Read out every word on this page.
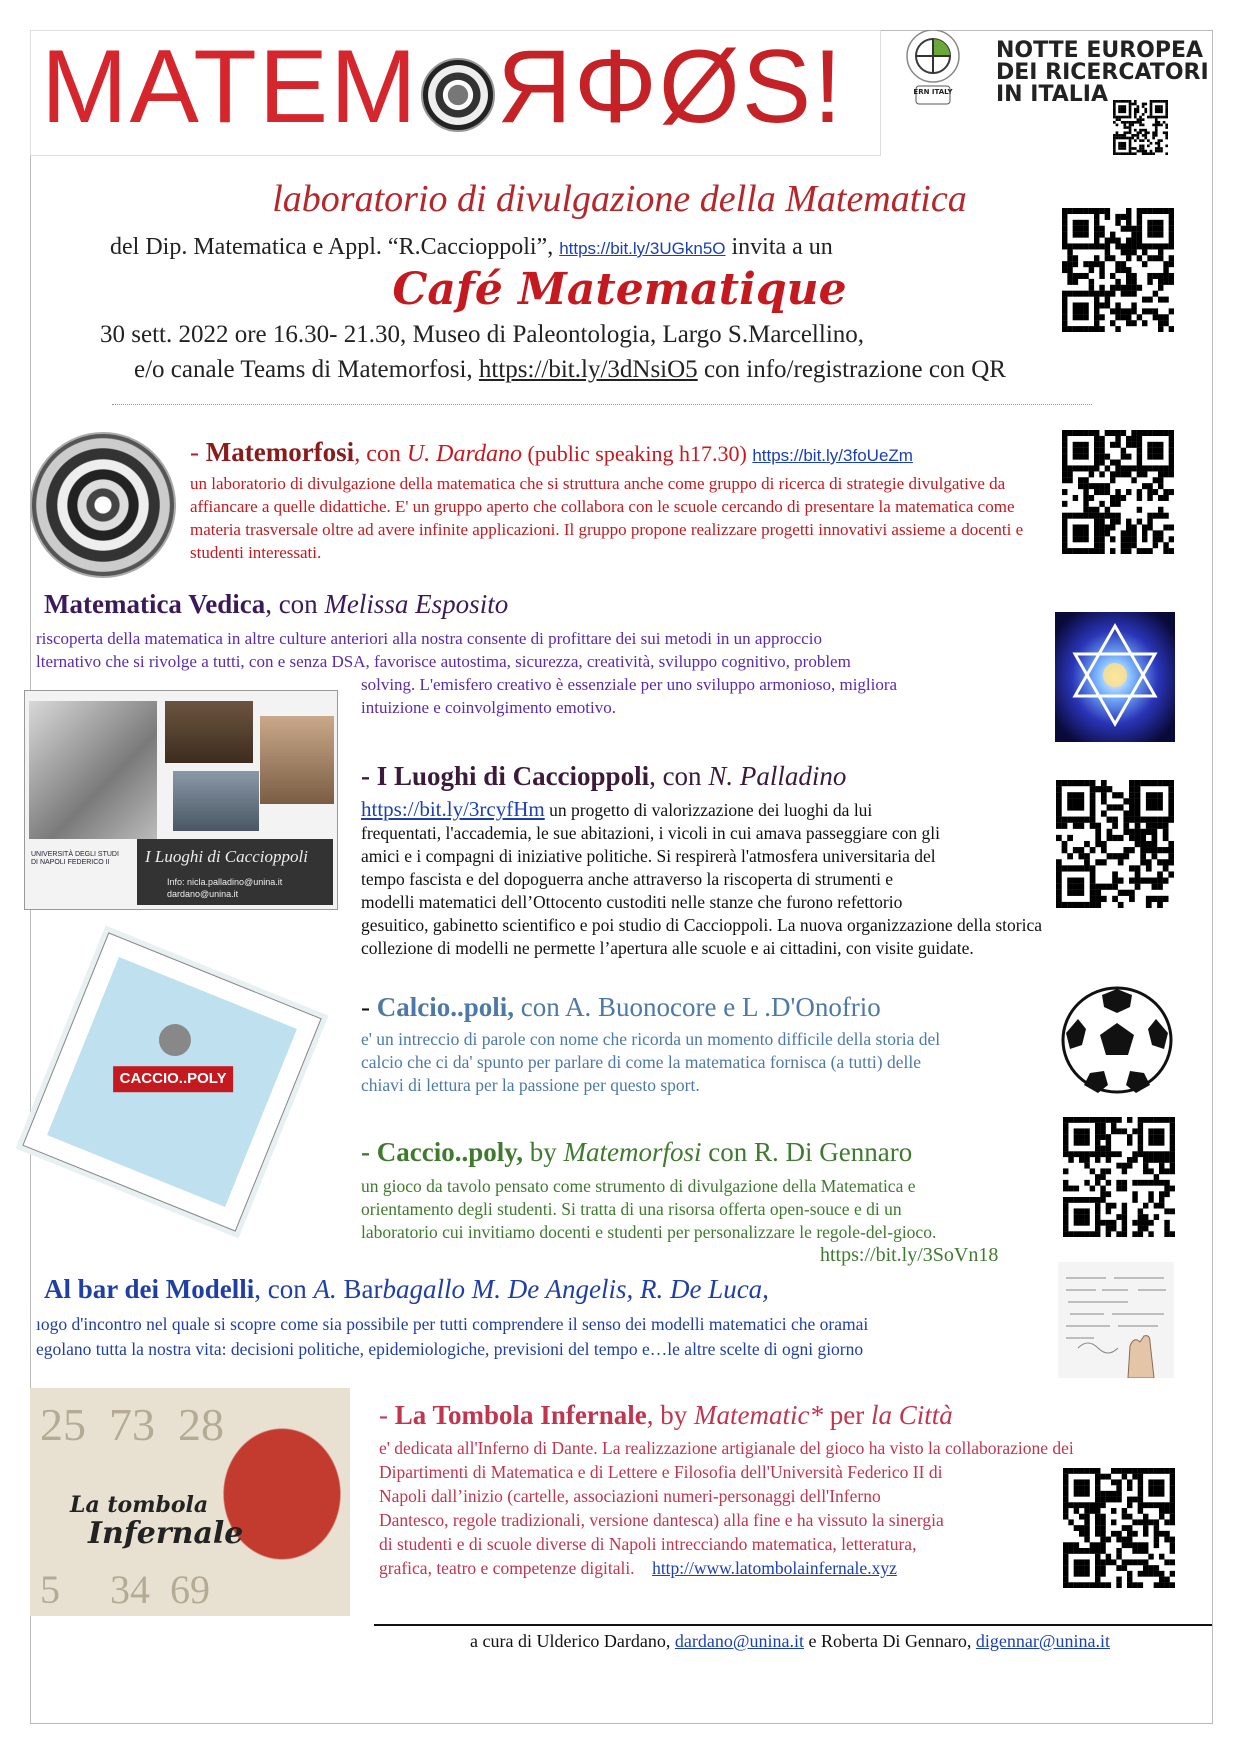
MATEM ЯΦØS!	ERN ITALY
NOTTE EUROPEA
DEI RICERCATORI
IN ITALIA
laboratorio di divulgazione della Matematica
del Dip. Matematica e Appl. “R.Caccioppoli”, https://bit.ly/3UGkn5O invita a un
Café Matematique
30 sett. 2022 ore 16.30- 21.30, Museo di Paleontologia, Largo S.Marcellino,
e/o canale Teams di Matemorfosi, https://bit.ly/3dNsiO5 con info/registrazione con QR
- Matemorfosi, con U. Dardano (public speaking h17.30) https://bit.ly/3foUeZm
un laboratorio di divulgazione della matematica che si struttura anche come gruppo di ricerca di strategie divulgative da affiancare a quelle didattiche. E' un gruppo aperto che collabora con le scuole cercando di presentare la matematica come materia trasversale oltre ad avere infinite applicazioni. Il gruppo propone realizzare progetti innovativi assieme a docenti e studenti interessati.
Matematica Vedica, con Melissa Esposito
riscoperta della matematica in altre culture anteriori alla nostra consente di profittare dei sui metodi in un approccio
lternativo che si rivolge a tutti, con e senza DSA, favorisce autostima, sicurezza, creatività, sviluppo cognitivo, problem
solving. L'emisfero creativo è essenziale per uno sviluppo armonioso, migliora
intuizione e coinvolgimento emotivo.
I Luoghi di Caccioppoli
Info: nicla.palladino@unina.it
dardano@unina.it
UNIVERSITÀ DEGLI STUDI DI NAPOLI FEDERICO II
- I Luoghi di Caccioppoli, con N. Palladino
https://bit.ly/3rcyfHm un progetto di valorizzazione dei luoghi da lui
frequentati, l'accademia, le sue abitazioni, i vicoli in cui amava passeggiare con gli
amici e i compagni di iniziative politiche. Si respirerà l'atmosfera universitaria del
tempo fascista e del dopoguerra anche attraverso la riscoperta di strumenti e
modelli matematici dell’Ottocento custoditi nelle stanze che furono refettorio
gesuitico, gabinetto scientifico e poi studio di Caccioppoli. La nuova organizzazione della storica
collezione di modelli ne permette l’apertura alle scuole e ai cittadini, con visite guidate.
CACCIO..POLY
- Calcio..poli, con A. Buonocore e L .D'Onofrio
e' un intreccio di parole con nome che ricorda un momento difficile della storia del
calcio che ci da' spunto per parlare di come la matematica fornisca (a tutti) delle
chiavi di lettura per la passione per questo sport.
- Caccio..poly, by Matemorfosi con R. Di Gennaro
un gioco da tavolo pensato come strumento di divulgazione della Matematica e
orientamento degli studenti. Si tratta di una risorsa offerta open-souce e di un
laboratorio cui invitiamo docenti e studenti per personalizzare le regole-del-gioco.
https://bit.ly/3SoVn18
Al bar dei Modelli, con A. Barbagallo M. De Angelis, R. De Luca,
ıogo d'incontro nel quale si scopre come sia possibile per tutti comprendere il senso dei modelli matematici che oramai
egolano tutta la nostra vita: decisioni politiche, epidemiologiche, previsioni del tempo e…le altre scelte di ogni giorno
25  73  28
La tombola
Infernale
5     34  69
- La Tombola Infernale, by Matematic* per la Città
e' dedicata all'Inferno di Dante. La realizzazione artigianale del gioco ha visto la collaborazione dei
Dipartimenti di Matematica e di Lettere e Filosofia dell'Università Federico II di
Napoli dall’inizio (cartelle, associazioni numeri-personaggi dell'Inferno
Dantesco, regole tradizionali, versione dantesca) alla fine e ha vissuto la sinergia
di studenti e di scuole diverse di Napoli intrecciando matematica, letteratura,
grafica, teatro e competenze digitali. http://www.latombolainfernale.xyz
a cura di Ulderico Dardano, dardano@unina.it e Roberta Di Gennaro, digennar@unina.it
